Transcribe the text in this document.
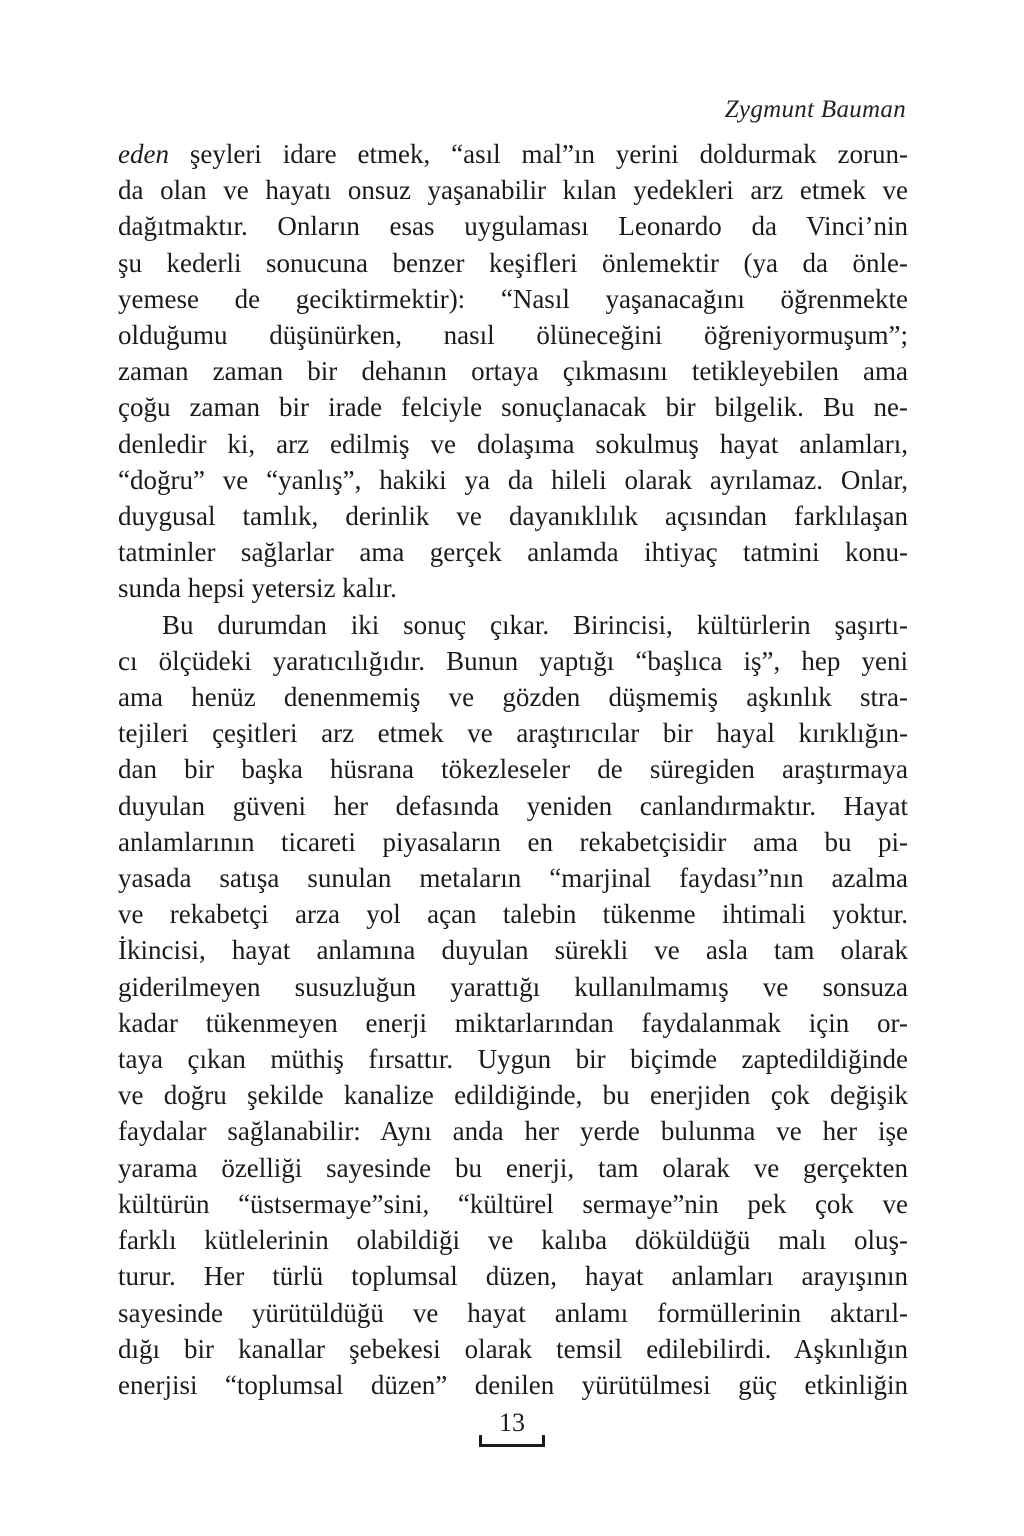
Zygmunt Bauman
eden şeyleri idare etmek, “asıl mal”ın yerini doldurmak zorun-
da olan ve hayatı onsuz yaşanabilir kılan yedekleri arz etmek ve
dağıtmaktır. Onların esas uygulaması Leonardo da Vinci’nin
şu kederli sonucuna benzer keşifleri önlemektir (ya da önle-
yemese de geciktirmektir): “Nasıl yaşanacağını öğrenmekte
olduğumu düşünürken, nasıl ölüneceğini öğreniyormuşum”;
zaman zaman bir dehanın ortaya çıkmasını tetikleyebilen ama
çoğu zaman bir irade felciyle sonuçlanacak bir bilgelik. Bu ne-
denledir ki, arz edilmiş ve dolaşıma sokulmuş hayat anlamları,
“doğru” ve “yanlış”, hakiki ya da hileli olarak ayrılamaz. Onlar,
duygusal tamlık, derinlik ve dayanıklılık açısından farklılaşan
tatminler sağlarlar ama gerçek anlamda ihtiyaç tatmini konu-
sunda hepsi yetersiz kalır.
Bu durumdan iki sonuç çıkar. Birincisi, kültürlerin şaşırtı-
cı ölçüdeki yaratıcılığıdır. Bunun yaptığı “başlıca iş”, hep yeni
ama henüz denenmemiş ve gözden düşmemiş aşkınlık stra-
tejileri çeşitleri arz etmek ve araştırıcılar bir hayal kırıklığın-
dan bir başka hüsrana tökezleseler de süregiden araştırmaya
duyulan güveni her defasında yeniden canlandırmaktır. Hayat
anlamlarının ticareti piyasaların en rekabetçisidir ama bu pi-
yasada satışa sunulan metaların “marjinal faydası”nın azalma
ve rekabetçi arza yol açan talebin tükenme ihtimali yoktur.
İkincisi, hayat anlamına duyulan sürekli ve asla tam olarak
giderilmeyen susuzluğun yarattığı kullanılmamış ve sonsuza
kadar tükenmeyen enerji miktarlarından faydalanmak için or-
taya çıkan müthiş fırsattır. Uygun bir biçimde zaptedildiğinde
ve doğru şekilde kanalize edildiğinde, bu enerjiden çok değişik
faydalar sağlanabilir: Aynı anda her yerde bulunma ve her işe
yarama özelliği sayesinde bu enerji, tam olarak ve gerçekten
kültürün “üstsermaye”sini, “kültürel sermaye”nin pek çok ve
farklı kütlelerinin olabildiği ve kalıba döküldüğü malı oluş-
turur. Her türlü toplumsal düzen, hayat anlamları arayışının
sayesinde yürütüldüğü ve hayat anlamı formüllerinin aktarıl-
dığı bir kanallar şebekesi olarak temsil edilebilirdi. Aşkınlığın
enerjisi “toplumsal düzen” denilen yürütülmesi güç etkinliğin
13
